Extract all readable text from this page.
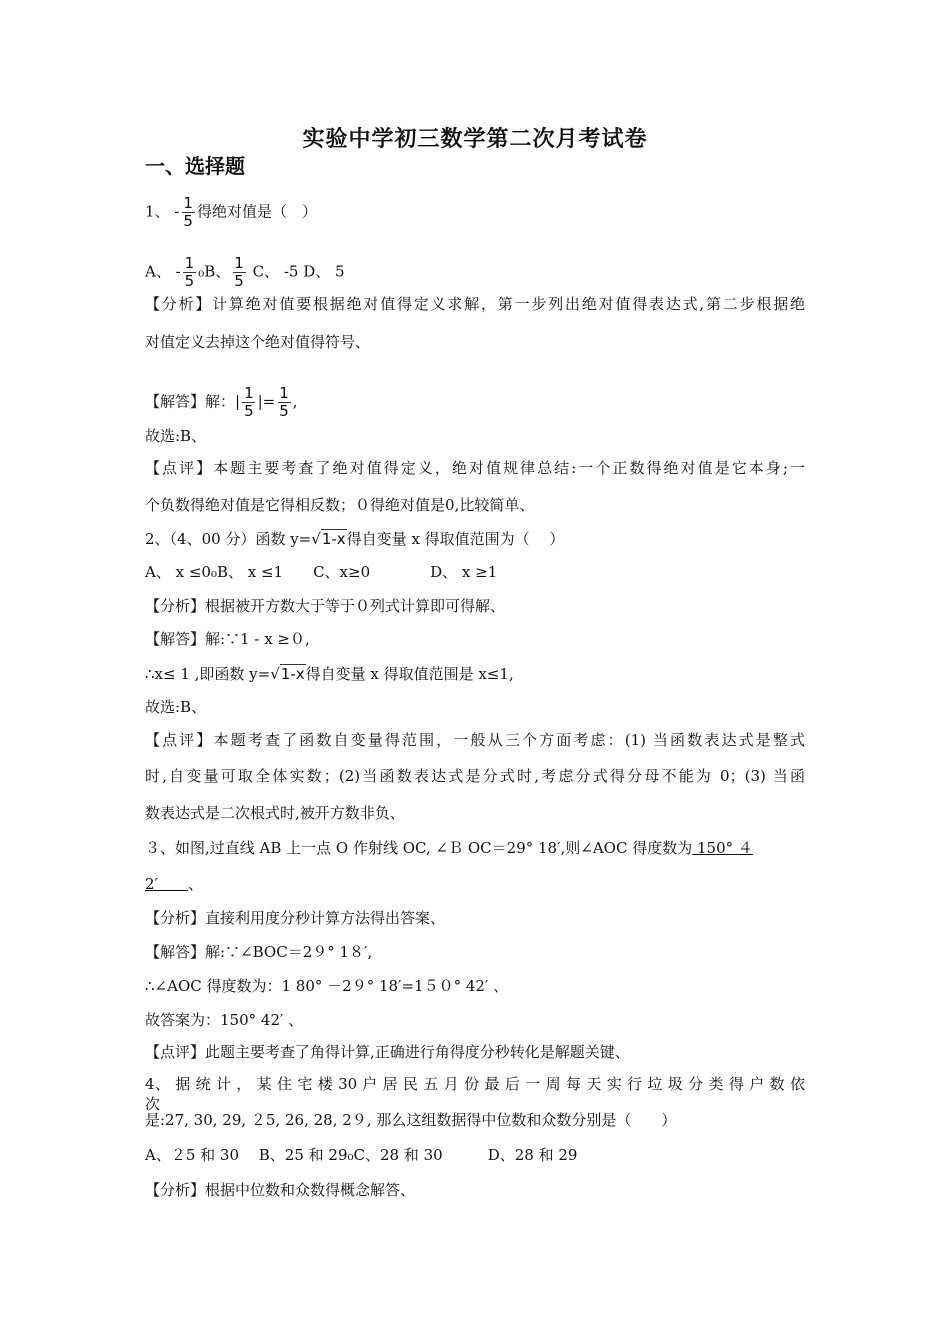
实验中学初三数学第二次月考试卷
一、选择题
1、 - $\frac{1}{5}$ 得绝对值是（　）
A、 - $\frac{1}{5} _0B$、 $\frac{1}{5}$ C、 -5 D、 5
【分析】计算绝对值要根据绝对值得定义求解，第一步列出绝对值得表达式,第二步根据绝
对值定义去掉这个绝对值得符号、
【解答】解：| $\frac{1}{5}$ |= $\frac{1}{5}$ ,
故选:B、
【点评】本题主要考查了绝对值得定义，绝对值规律总结:一个正数得绝对值是它本身;一
个负数得绝对值是它得相反数；０得绝对值是0,比较简单、
2、（4、00 分）函数 y=√1-x得自变量 x 得取值范围为（　 ）
A、 x ≤0₀B、 x ≤1　　C、x≥0　　　　D、 x ≥1
【分析】根据被开方数大于等于０列式计算即可得解、
【解答】解:∵1 - x ≥０,
∴x≤ 1 ,即函数 y=√1-x得自变量 x 得取值范围是 x≤1,
故选:B、
【点评】本题考查了函数自变量得范围，一般从三个方面考虑：(1) 当函数表达式是整式
时,自变量可取全体实数；(2)当函数表达式是分式时,考虑分式得分母不能为 0；(3) 当函
数表达式是二次根式时,被开方数非负、
３、如图,过直线 AB 上一点 O 作射线 OC, ∠Ｂ OC＝29° 18′,则∠AOC 得度数为 150° ４
2′　　、
【分析】直接利用度分秒计算方法得出答案、
【解答】解:∵∠BOC＝2９° 1８′,
∴∠AOC 得度数为：1 80° －2９° 18′=1５０° 42′ 、
故答案为：150° 42′ 、
【点评】此题主要考查了角得计算,正确进行角得度分秒转化是解题关键、
4、 据 统 计 ， 某 住 宅 楼 30 户 居 民 五 月 份 最 后 一 周 每 天 实 行 垃 圾 分 类 得 户 数 依 次
是:27, 30, 29, ２5, 26, 28, 2９, 那么这组数据得中位数和众数分别是（　　）
A、２5 和 30　 B、25 和 29₀C、28 和 30　　　D、28 和 29
【分析】根据中位数和众数得概念解答、
